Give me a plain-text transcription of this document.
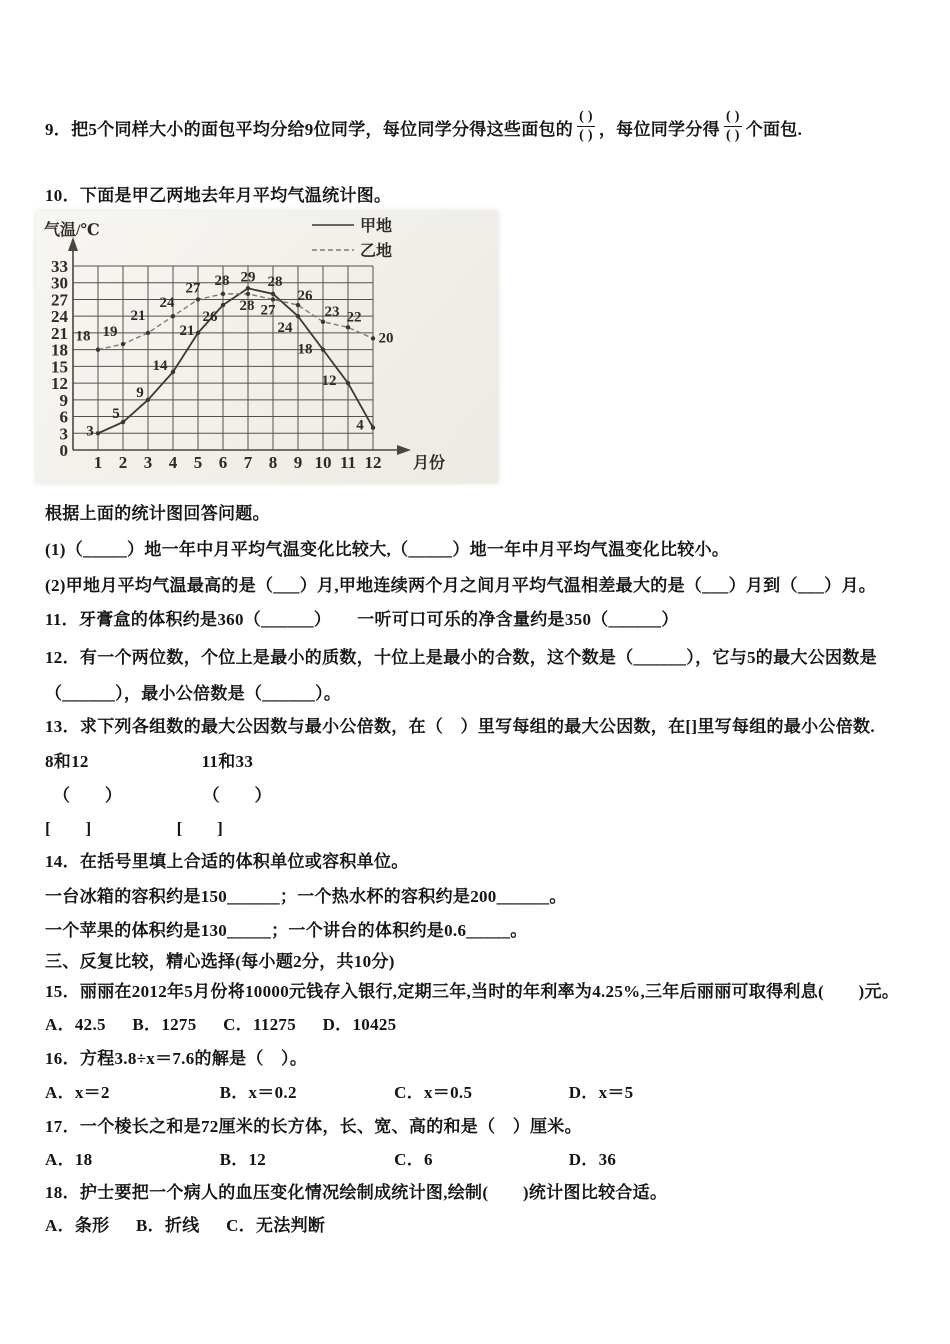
9．把5个同样大小的面包平均分给9位同学，每位同学分得这些面包的 $\frac{( )}{( )}$ ，每位同学分得 $\frac{( )}{( )}$ 个面包.
10．下面是甲乙两地去年月平均气温统计图。
0
3
6
9
12
15
18
21
24
27
30
33
1 2 3 4 5 6 7 8 9 10 11 12
气温/℃
月份
甲地
乙地
3
5
9
14
21
26
29 28
24
18
12
4
18 19
21
24
27 28
28 27
26
23 22
20
根据上面的统计图回答问题。
(1)（_____）地一年中月平均气温变化比较大,（_____）地一年中月平均气温变化比较小。
(2)甲地月平均气温最高的是（___）月,甲地连续两个月之间月平均气温相差最大的是（___）月到（___）月。
11．牙膏盒的体积约是360（______）　　一听可口可乐的净含量约是350（______）
12．有一个两位数，个位上是最小的质数，十位上是最小的合数，这个数是（______），它与5的最大公因数是（______），最小公倍数是（______）。
13．求下列各组数的最大公因数与最小公倍数，在（　）里写每组的最大公因数，在[]里写每组的最小公倍数.
8和12	11和33
（　　）	（　　）
[　　]	[　　]
14．在括号里填上合适的体积单位或容积单位。
一台冰箱的容积约是150______；一个热水杯的容积约是200______。
一个苹果的体积约是130_____；一个讲台的体积约是0.6_____。
三、反复比较，精心选择(每小题2分，共10分)
15．丽丽在2012年5月份将10000元钱存入银行,定期三年,当时的年利率为4.25%,三年后丽丽可取得利息(　　)元。
A．42.5 B．1275 C．11275 D．10425
16．方程3.8÷x＝7.6的解是（　）。
A．x＝2	B．x＝0.2	C．x＝0.5	D．x＝5
17．一个棱长之和是72厘米的长方体，长、宽、高的和是（　）厘米。
A．18	B．12	C．6	D．36
18．护士要把一个病人的血压变化情况绘制成统计图,绘制(　　)统计图比较合适。
A．条形 B．折线 C．无法判断
